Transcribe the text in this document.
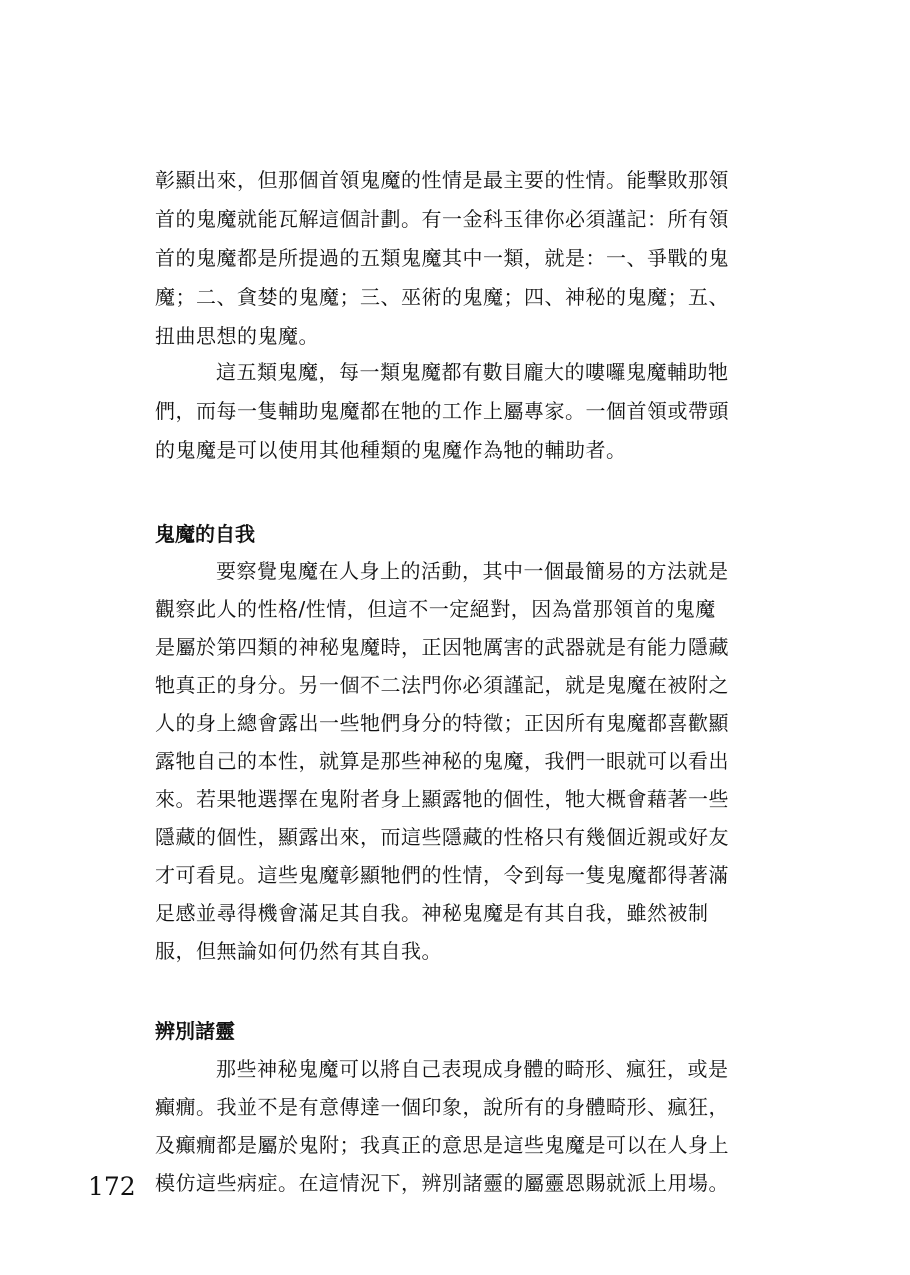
彰顯出來，但那個首領鬼魔的性情是最主要的性情。能擊敗那領
首的鬼魔就能瓦解這個計劃。有一金科玉律你必須謹記：所有領
首的鬼魔都是所提過的五類鬼魔其中一類，就是：一、爭戰的鬼
魔；二、貪婪的鬼魔；三、巫術的鬼魔；四、神秘的鬼魔；五、
扭曲思想的鬼魔。
這五類鬼魔，每一類鬼魔都有數目龐大的嘍囉鬼魔輔助牠
們，而每一隻輔助鬼魔都在牠的工作上屬專家。一個首領或帶頭
的鬼魔是可以使用其他種類的鬼魔作為牠的輔助者。
鬼魔的自我
要察覺鬼魔在人身上的活動，其中一個最簡易的方法就是
觀察此人的性格/性情，但這不一定絕對，因為當那領首的鬼魔
是屬於第四類的神秘鬼魔時，正因牠厲害的武器就是有能力隱藏
牠真正的身分。另一個不二法門你必須謹記，就是鬼魔在被附之
人的身上總會露出一些牠們身分的特徵；正因所有鬼魔都喜歡顯
露牠自己的本性，就算是那些神秘的鬼魔，我們一眼就可以看出
來。若果牠選擇在鬼附者身上顯露牠的個性，牠大概會藉著一些
隱藏的個性，顯露出來，而這些隱藏的性格只有幾個近親或好友
才可看見。這些鬼魔彰顯牠們的性情，令到每一隻鬼魔都得著滿
足感並尋得機會滿足其自我。神秘鬼魔是有其自我，雖然被制
服，但無論如何仍然有其自我。
辨別諸靈
那些神秘鬼魔可以將自己表現成身體的畸形、瘋狂，或是
癲癇。我並不是有意傳達一個印象，說所有的身體畸形、瘋狂，
及癲癇都是屬於鬼附；我真正的意思是這些鬼魔是可以在人身上
模仿這些病症。在這情況下，辨別諸靈的屬靈恩賜就派上用場。
172
